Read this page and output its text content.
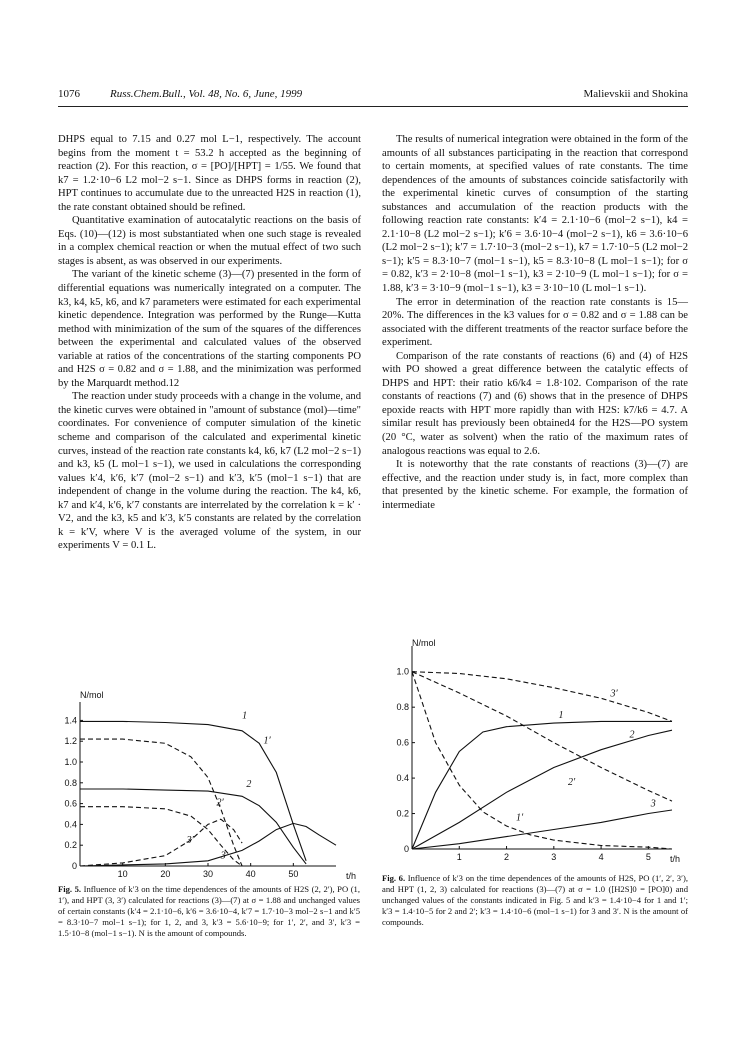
1076	Russ.Chem.Bull., Vol. 48, No. 6, June, 1999	Malievskii and Shokina

DHPS equal to 7.15 and 0.27 mol L−1, respectively. The account begins from the moment t = 53.2 h accepted as the beginning of reaction (2). For this reaction, σ = [PO]/[HPT] = 1/55. We found that k7 = 1.2·10−6 L2 mol−2 s−1. Since as DHPS forms in reaction (2), HPT continues to accumulate due to the unreacted H2S in reaction (1), the rate constant obtained should be refined.

Quantitative examination of autocatalytic reactions on the basis of Eqs. (10)—(12) is most substantiated when one such stage is revealed in a complex chemical reaction or when the mutual effect of two such stages is absent, as was observed in our experiments.

The variant of the kinetic scheme (3)—(7) presented in the form of differential equations was numerically integrated on a computer. The k3, k4, k5, k6, and k7 parameters were estimated for each experimental kinetic dependence. Integration was performed by the Runge—Kutta method with minimization of the sum of the squares of the differences between the experimental and calculated values of the observed variable at ratios of the concentrations of the starting components PO and H2S σ = 0.82 and σ = 1.88, and the minimization was performed by the Marquardt method.12

The reaction under study proceeds with a change in the volume, and the kinetic curves were obtained in "amount of substance (mol)—time" coordinates. For convenience of computer simulation of the kinetic scheme and comparison of the calculated and experimental kinetic curves, instead of the reaction rate constants k4, k6, k7 (L2 mol−2 s−1) and k3, k5 (L mol−1 s−1), we used in calculations the corresponding values k′4, k′6, k′7 (mol−2 s−1) and k′3, k′5 (mol−1 s−1) that are independent of change in the volume during the reaction. The k4, k6, k7 and k′4, k′6, k′7 constants are interrelated by the correlation k = k′ · V2, and the k3, k5 and k′3, k′5 constants are related by the correlation k = k′V, where V is the averaged volume of the system, in our experiments V = 0.1 L.

The results of numerical integration were obtained in the form of the amounts of all substances participating in the reaction that correspond to certain moments, at specified values of rate constants. The time dependences of the amounts of substances coincide satisfactorily with the experimental kinetic curves of consumption of the starting substances and accumulation of the reaction products with the following reaction rate constants: k′4 = 2.1·10−6 (mol−2 s−1), k4 = 2.1·10−8 (L2 mol−2 s−1); k′6 = 3.6·10−4 (mol−2 s−1), k6 = 3.6·10−6 (L2 mol−2 s−1); k′7 = 1.7·10−3 (mol−2 s−1), k7 = 1.7·10−5 (L2 mol−2 s−1); k′5 = 8.3·10−7 (mol−1 s−1), k5 = 8.3·10−8 (L mol−1 s−1); for σ = 0.82, k′3 = 2·10−8 (mol−1 s−1), k3 = 2·10−9 (L mol−1 s−1); for σ = 1.88, k′3 = 3·10−9 (mol−1 s−1), k3 = 3·10−10 (L mol−1 s−1).

The error in determination of the reaction rate constants is 15—20%. The differences in the k3 values for σ = 0.82 and σ = 1.88 can be associated with the different treatments of the reactor surface before the experiment.

Comparison of the rate constants of reactions (6) and (4) of H2S with PO showed a great difference between the catalytic effects of DHPS and HPT: their ratio k6/k4 = 1.8·102. Comparison of the rate constants of reactions (7) and (6) shows that in the presence of DHPS epoxide reacts with HPT more rapidly than with H2S: k7/k6 = 4.7. A similar result has previously been obtained4 for the H2S—PO system (20 °C, water as solvent) when the ratio of the maximum rates of analogous reactions was equal to 2.6.

It is noteworthy that the rate constants of reactions (3)—(7) are effective, and the reaction under study is, in fact, more complex than that presented by the kinetic scheme. For example, the formation of intermediate

N/mol
t/h
10	20	30	40	50
0.2
0.4
0.6
0.8
1.0
1.2
1.4
0
1
1′
2
2′
3′
3
Fig. 5. Influence of k′3 on the time dependences of the amounts of H2S (2, 2′), PO (1, 1′), and HPT (3, 3′) calculated for reactions (3)—(7) at σ = 1.88 and unchanged values of certain constants (k′4 = 2.1·10−6, k′6 = 3.6·10−4, k′7 = 1.7·10−3 mol−2 s−1 and k′5 = 8.3·10−7 mol−1 s−1); for 1, 2, and 3, k′3 = 5.6·10−9; for 1′, 2′, and 3′, k′3 = 1.5·10−8 (mol−1 s−1). N is the amount of compounds.
N/mol
t/h
1	2	3	4	5
0.2
0.4
0.6
0.8
1.0
0
3′
1
2
2′
3
1′
Fig. 6. Influence of k′3 on the time dependences of the amounts of H2S, PO (1′, 2′, 3′), and HPT (1, 2, 3) calculated for reactions (3)—(7) at σ = 1.0 ([H2S]0 = [PO]0) and unchanged values of the constants indicated in Fig. 5 and k′3 = 1.4·10−4 for 1 and 1′; k′3 = 1.4·10−5 for 2 and 2′; k′3 = 1.4·10−6 (mol−1 s−1) for 3 and 3′. N is the amount of compounds.
